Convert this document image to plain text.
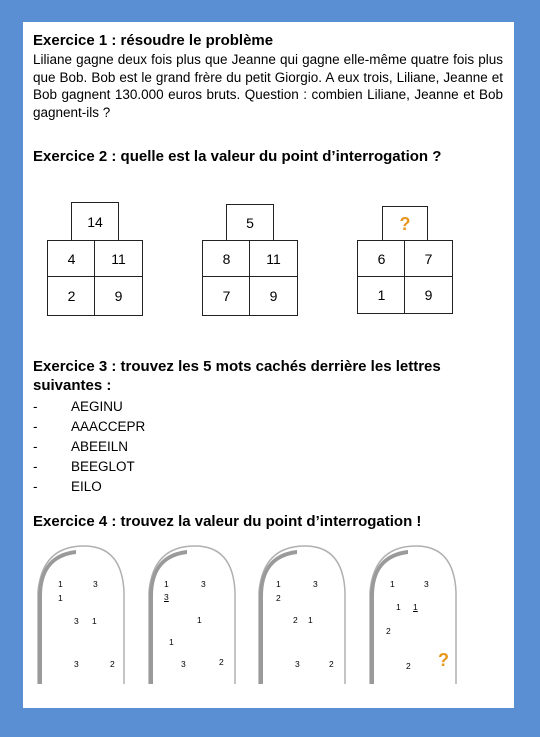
Exercice 1 : résoudre le problème
Liliane gagne deux fois plus que Jeanne qui gagne elle-même quatre fois plus que Bob. Bob est le grand frère du petit Giorgio. A eux trois, Liliane, Jeanne et Bob gagnent 130.000 euros bruts. Question : combien Liliane, Jeanne et Bob gagnent-ils ?
Exercice 2 : quelle est la valeur du point d’interrogation ?
14
4	11
2	9
5
8	11
7	9
?
6	7
1	9
Exercice 3 : trouvez les 5 mots cachés derrière les lettres
suivantes :
-	AEGINU
-	AAACCEPR
-	ABEEILN
-	BEEGLOT
-	EILO
Exercice 4 : trouvez la valeur du point d’interrogation !
1	3
1
3 1
3	2
1	3
3
1
1
3	2
1	3
2
2 1
3	2
1	3
1 1
2
2 ?
